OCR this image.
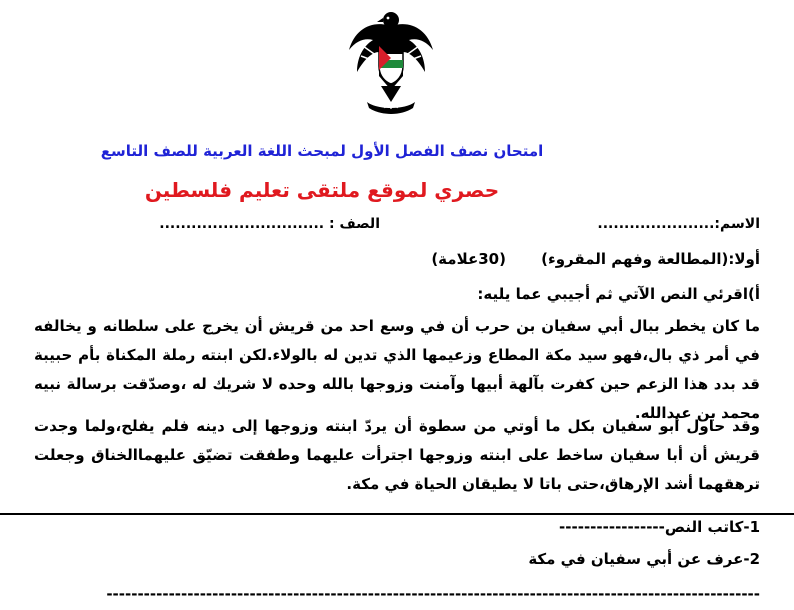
امتحان نصف الفصل الأول لمبحث اللغة العربية للصف التاسع
حصري لموقع ملتقى تعليم فلسطين
الاسم:......................
الصف : ...............................
أولا:(المطالعة وفهم المقروء) (30علامة)
أ)اقرئي النص الآتي ثم أجيبي عما يليه:
ما كان يخطر ببال أبي سفيان بن حرب أن في وسع احد من قريش أن يخرج على سلطانه و يخالفه في أمر ذي بال،فهو سيد مكة المطاع وزعيمها الذي تدين له بالولاء.لكن ابنته رملة المكناة بأم حبيبة قد بدد هذا الزعم حين كفرت بآلهة أبيها وآمنت وزوجها بالله وحده لا شريك له ،وصدّقت برسالة نبيه محمد بن عبدالله.
وقد حاول أبو سفيان بكل ما أوتي من سطوة أن يردّ ابنته وزوجها إلى دينه فلم يفلح،ولما وجدت قريش أن أبا سفيان ساخط على ابنته وزوجها اجترأت عليهما وطفقت تضيّق عليهماالخناق وجعلت ترهقهما أشد الإرهاق،حتى باتا لا يطيقان الحياة في مكة.
1-كاتب النص-----------------
2-عرف عن أبي سفيان في مكة
---------------------------------------------------------------------------------------------------------
